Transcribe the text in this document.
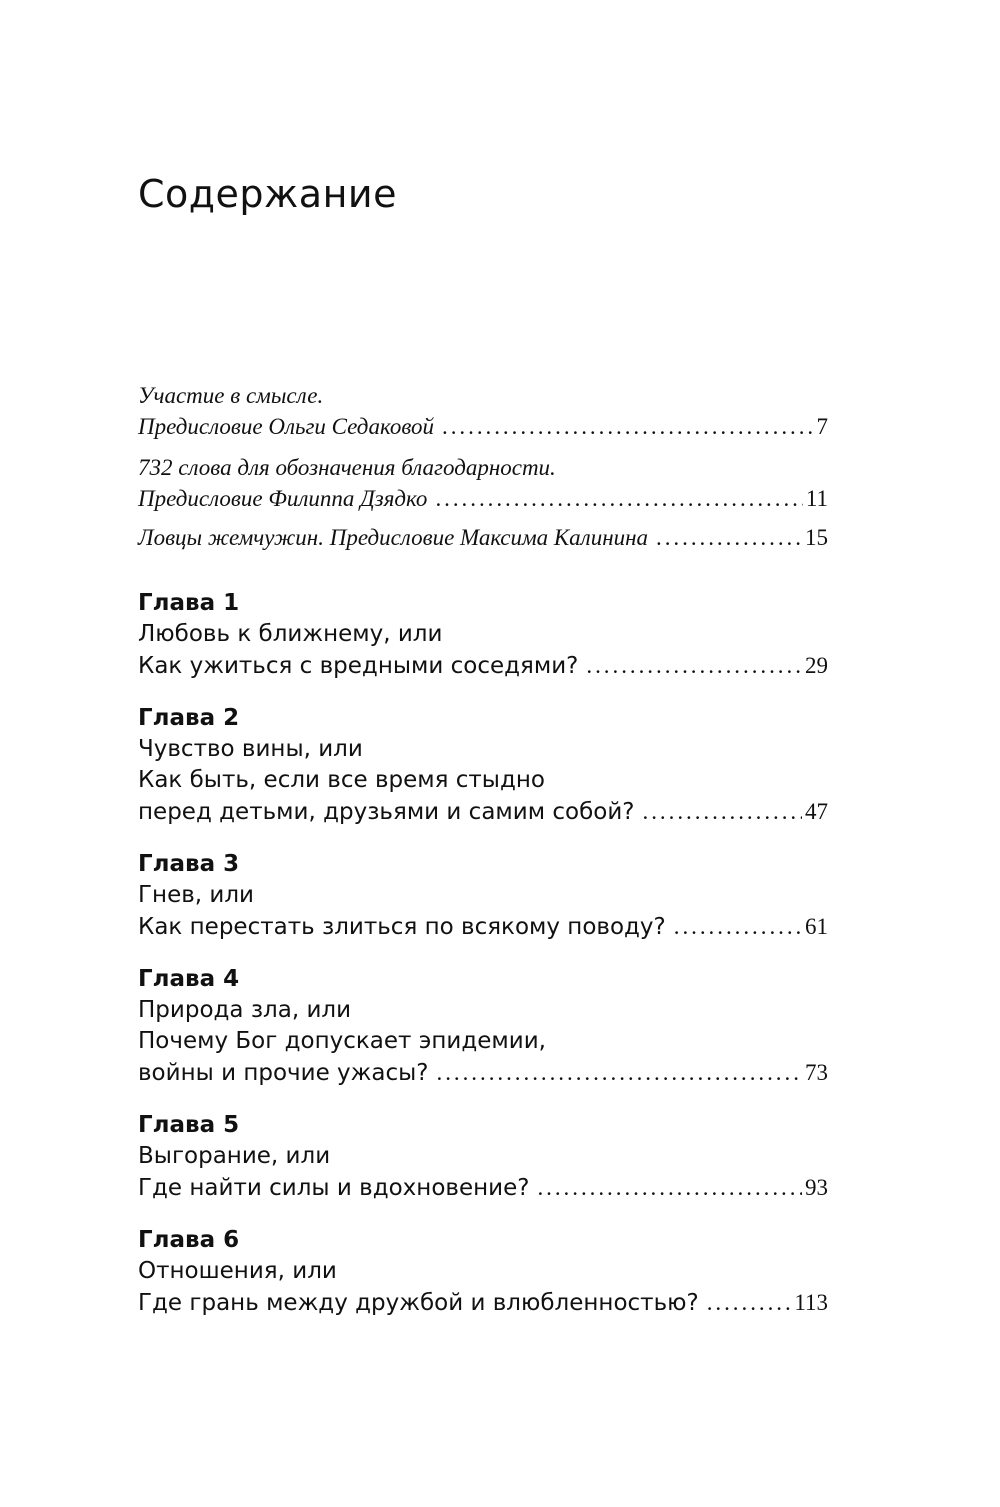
Содержание
Участие в смысле.
Предисловие Ольги Седаковой . . .	7
732 слова для обозначения благодарности.
Предисловие Филиппа Дзядко . . .	11
Ловцы жемчужин. Предисловие Максима Калинина . . .	15
Глава 1
Любовь к ближнему, или
Как ужиться с вредными соседями? . . .	29
Глава 2
Чувство вины, или
Как быть, если все время стыдно
перед детьми, друзьями и самим собой? . . .	47
Глава 3
Гнев, или
Как перестать злиться по всякому поводу? . . .	61
Глава 4
Природа зла, или
Почему Бог допускает эпидемии,
войны и прочие ужасы? . . .	73
Глава 5
Выгорание, или
Где найти силы и вдохновение? . . .	93
Глава 6
Отношения, или
Где грань между дружбой и влюбленностью? . . .	113
